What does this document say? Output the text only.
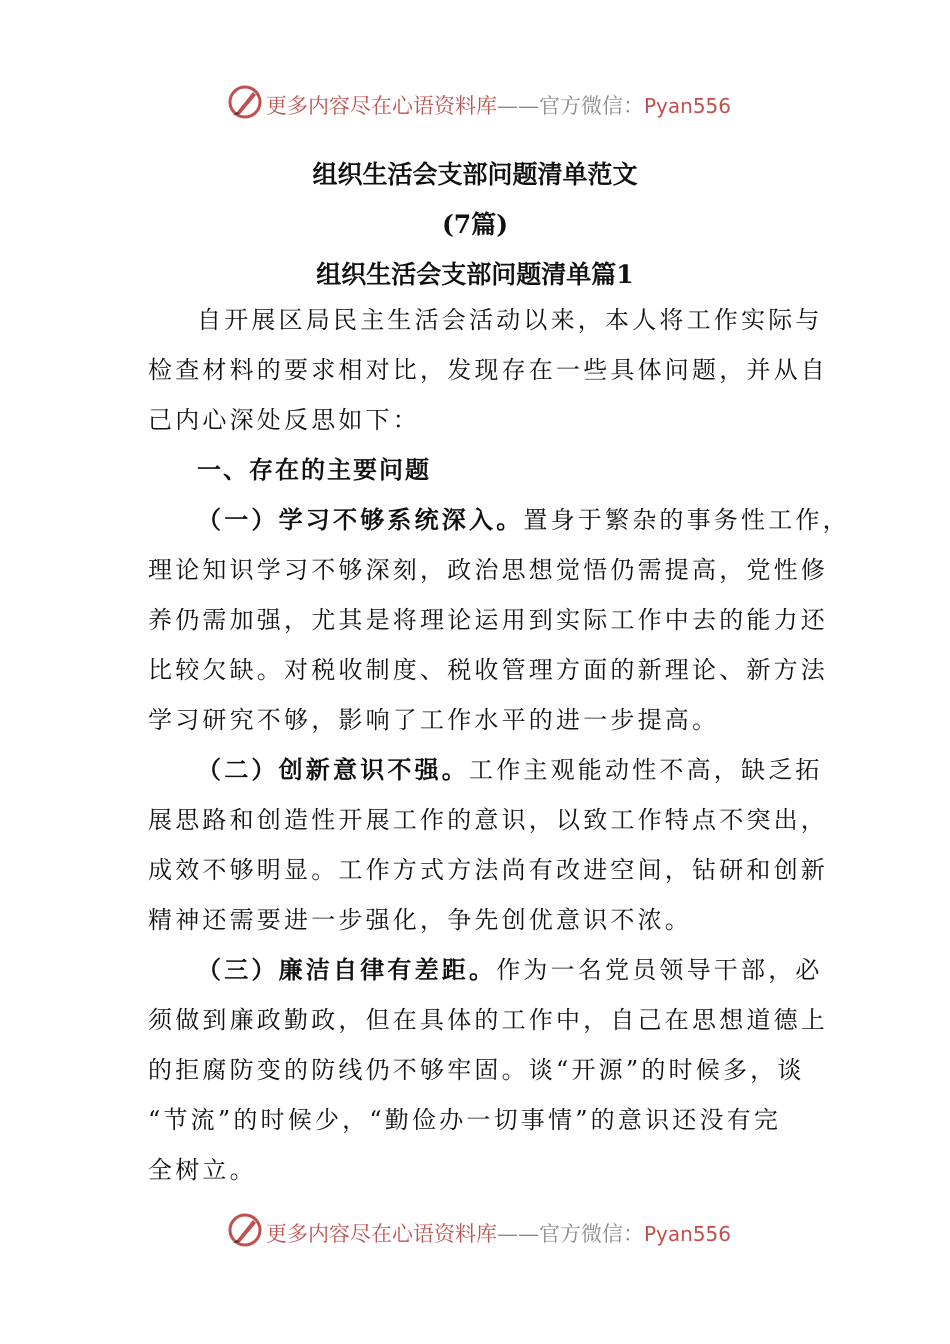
更多内容尽在心语资料库——官方微信：Pyan556
组织生活会支部问题清单范文
(7篇)
组织生活会支部问题清单篇1
自开展区局民主生活会活动以来，本人将工作实际与
检查材料的要求相对比，发现存在一些具体问题，并从自
己内心深处反思如下：
一、存在的主要问题
（一）学习不够系统深入。置身于繁杂的事务性工作，
理论知识学习不够深刻，政治思想觉悟仍需提高，党性修
养仍需加强，尤其是将理论运用到实际工作中去的能力还
比较欠缺。对税收制度、税收管理方面的新理论、新方法
学习研究不够，影响了工作水平的进一步提高。
（二）创新意识不强。工作主观能动性不高，缺乏拓
展思路和创造性开展工作的意识，以致工作特点不突出，
成效不够明显。工作方式方法尚有改进空间，钻研和创新
精神还需要进一步强化，争先创优意识不浓。
（三）廉洁自律有差距。作为一名党员领导干部，必
须做到廉政勤政，但在具体的工作中，自己在思想道德上
的拒腐防变的防线仍不够牢固。谈“开源”的时候多，谈
“节流”的时候少，“勤俭办一切事情”的意识还没有完
全树立。
更多内容尽在心语资料库——官方微信：Pyan556
